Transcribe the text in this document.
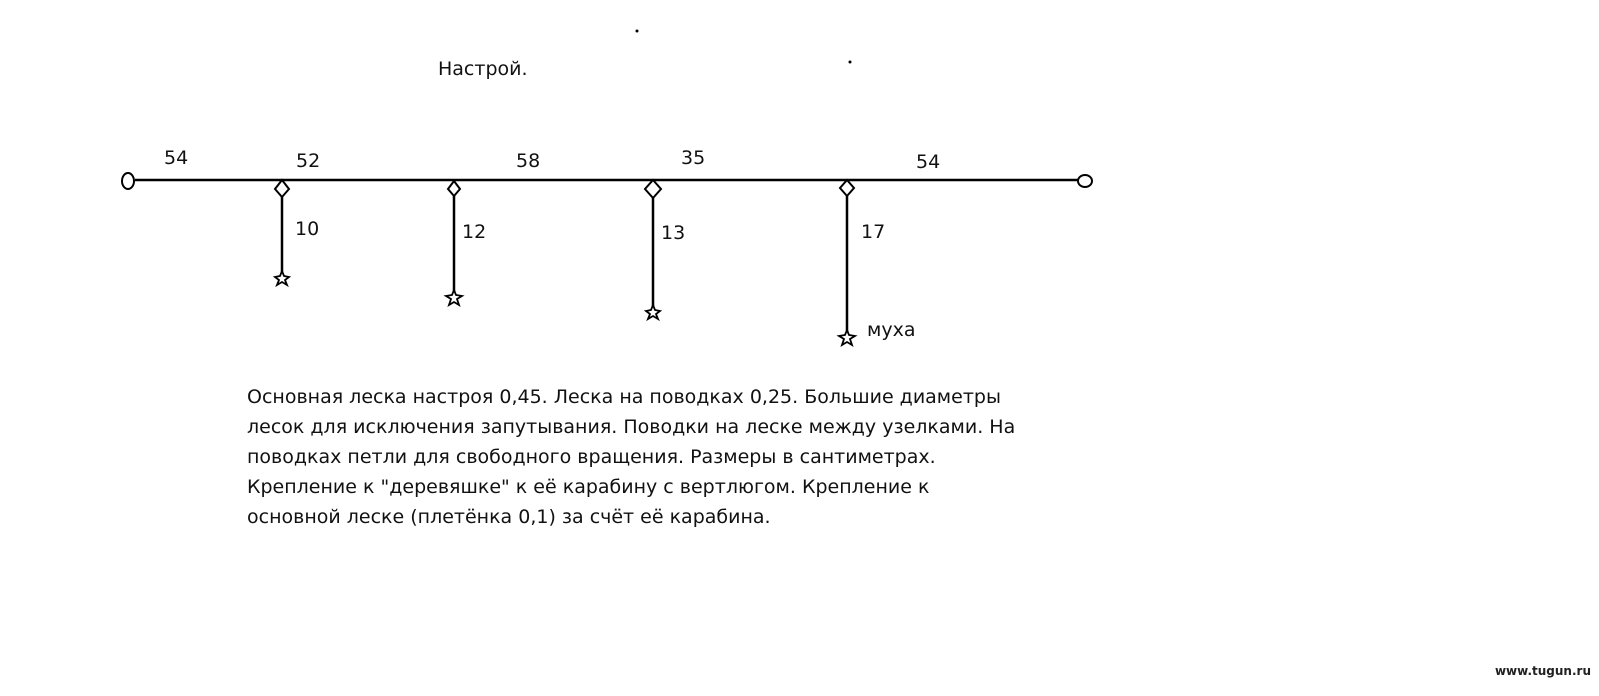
Настрой.
54	52	58	35	54
10	12	13	17
муха
Основная леска настроя 0,45. Леска на поводках 0,25. Большие диаметры
лесок для исключения запутывания. Поводки на леске между узелками. На
поводках петли для свободного вращения. Размеры в сантиметрах.
Крепление к "деревяшке" к её карабину с вертлюгом. Крепление к
основной леске (плетёнка 0,1) за счёт её карабина.
www.tugun.ru
